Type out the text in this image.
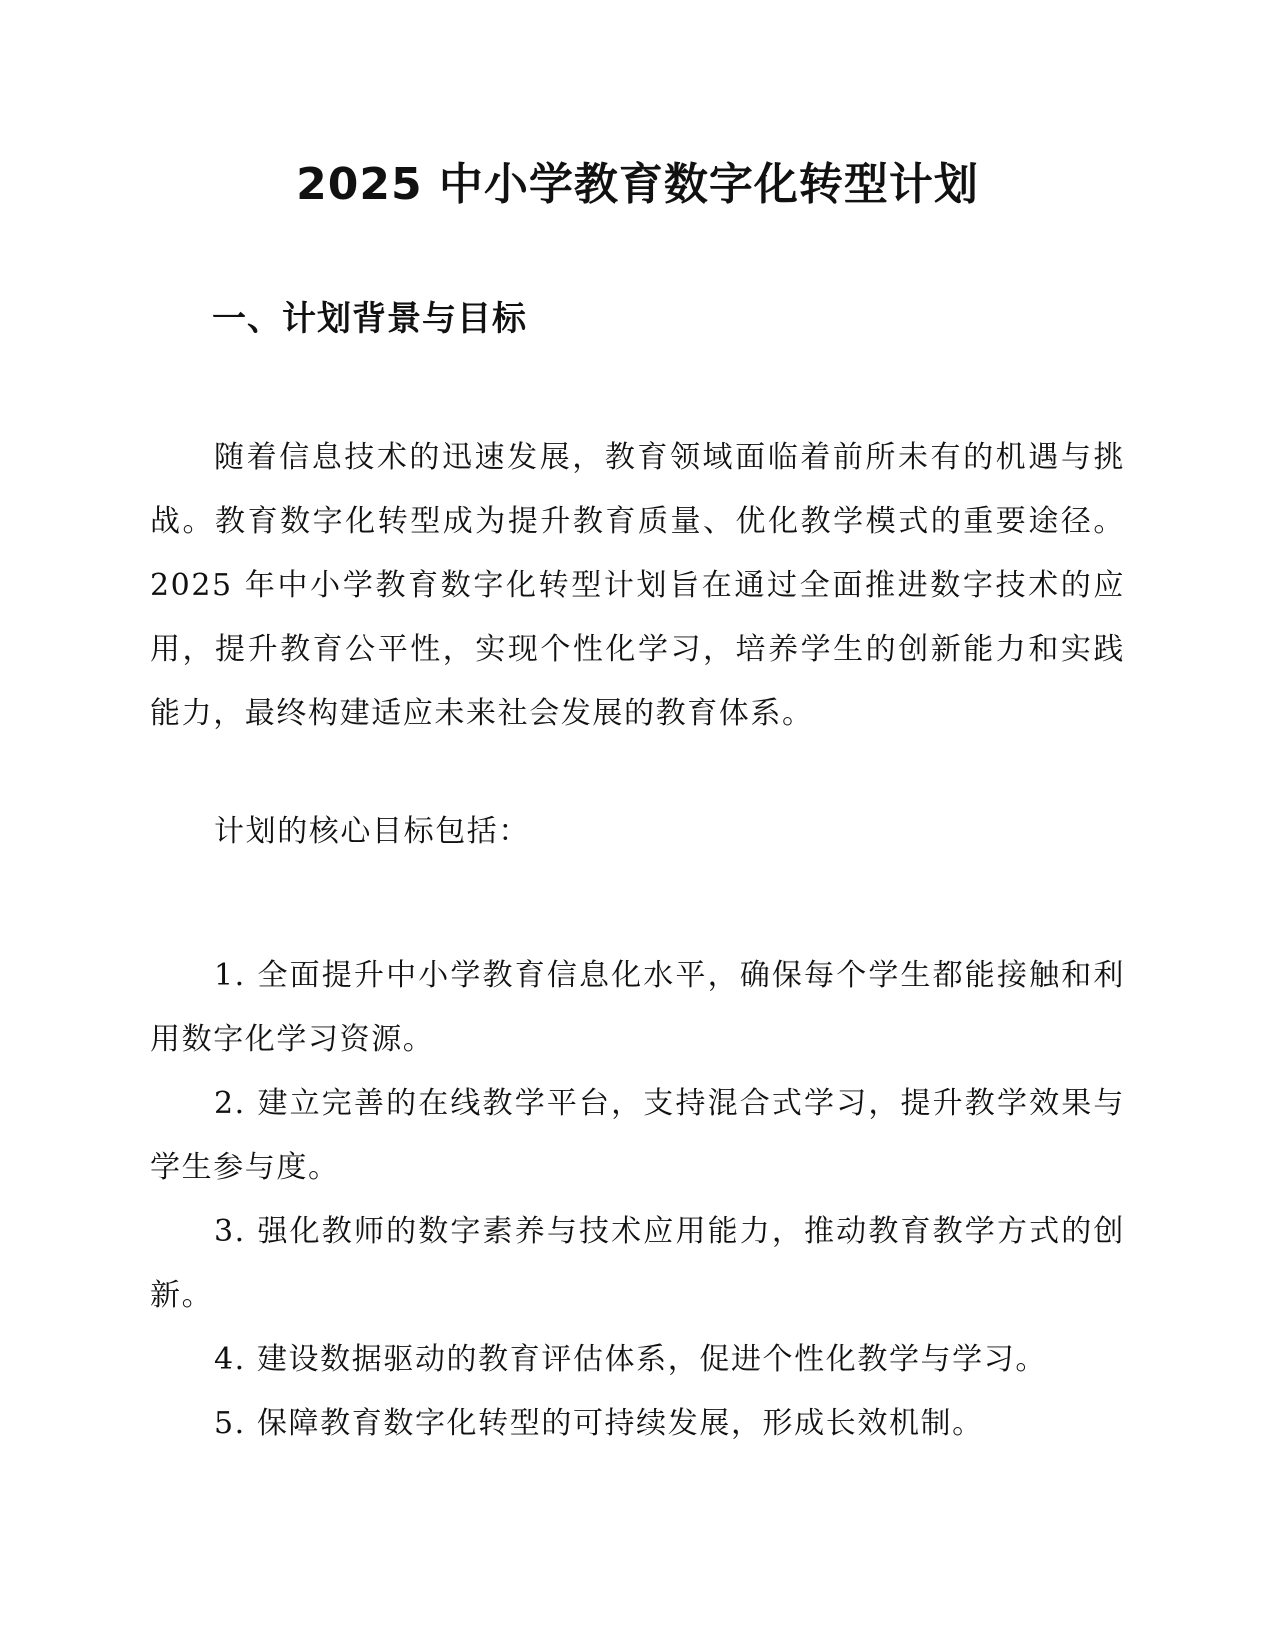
2025 中小学教育数字化转型计划
一、计划背景与目标

随着信息技术的迅速发展，教育领域面临着前所未有的机遇与挑战。教育数字化转型成为提升教育质量、优化教学模式的重要途径。2025 年中小学教育数字化转型计划旨在通过全面推进数字技术的应用，提升教育公平性，实现个性化学习，培养学生的创新能力和实践能力，最终构建适应未来社会发展的教育体系。

计划的核心目标包括：

1. 全面提升中小学教育信息化水平，确保每个学生都能接触和利用数字化学习资源。

2. 建立完善的在线教学平台，支持混合式学习，提升教学效果与学生参与度。

3. 强化教师的数字素养与技术应用能力，推动教育教学方式的创新。

4. 建设数据驱动的教育评估体系，促进个性化教学与学习。

5. 保障教育数字化转型的可持续发展，形成长效机制。
